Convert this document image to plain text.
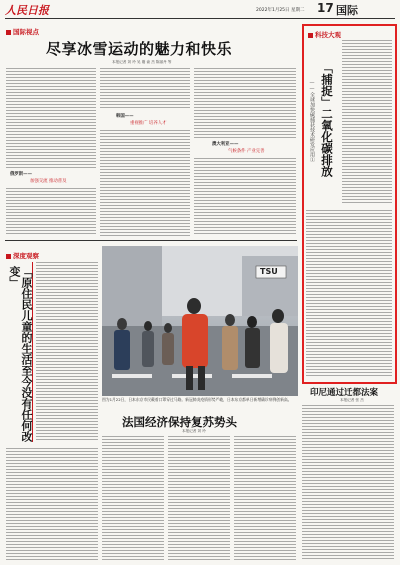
人民日报	2022年1月25日 星期二 17 国际
国际视点
尽享冰雪运动的魅力和快乐
本报记者 刘 玲 吴 刚 俞 杰 陈丽丹 等
俄罗斯——
加强交流 推动普及
韩国——
重视推广 培养人才
澳大利亚——
气候条件 产业完善
科技大观
「捕捉」二氧化碳排放
——全球加快碳捕获技术研发应用①
深度观察
「原住民儿童的生活至今没有任何改变」	TSU
图为1月22日，日本东京市民戴着口罩穿过马路。新冠肺炎疫情形势严峻，日本东京都单日新增确诊病例创新高。
法国经济保持复苏势头
本报记者 刘 玲
印尼通过迁都法案
本报记者 张 杰
